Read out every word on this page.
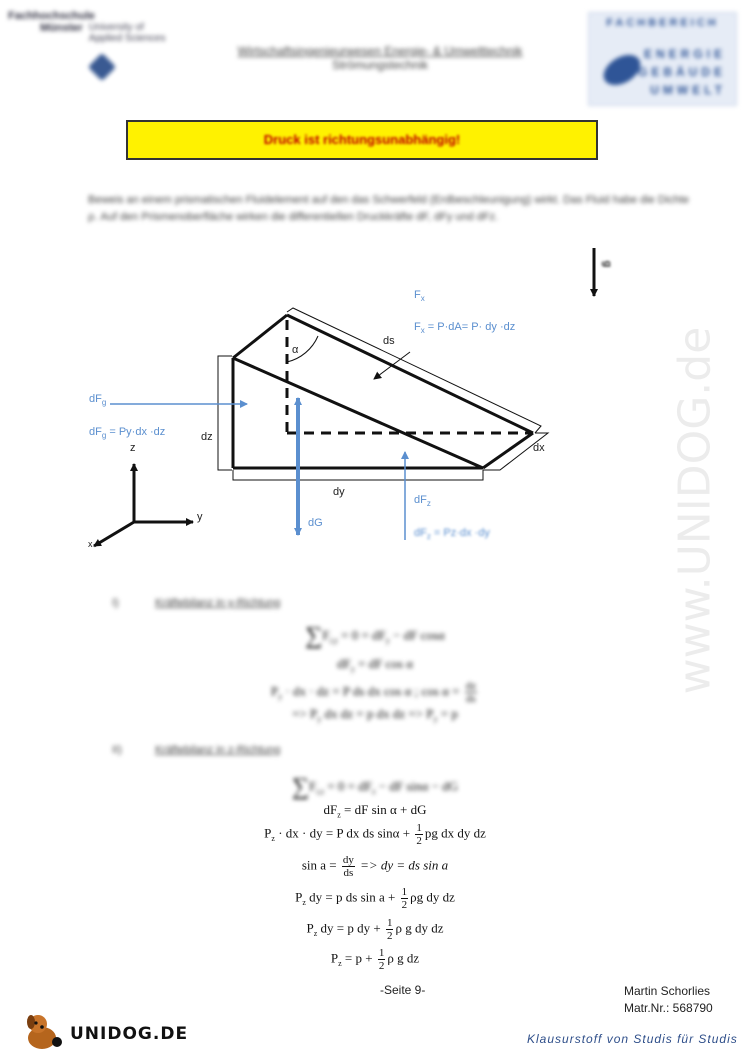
Fachhochschule
Münster University of
Applied Sciences
Wirtschaftsingenieurwesen Energie- & Umwelttechnik
Strömungstechnik
FACHBEREICH
ENERGIE
GEBÄUDE
UMWELT
Druck ist richtungsunabhängig!
Beweis an einem prismatischen Fluidelement auf den das Schwerfeld (Erdbeschleunigung) wirkt. Das Fluid habe die Dichte ρ. Auf den Prismenoberfläche wirken die differentiellen Druckkräfte dF, dFy und dFz.
g
$F_x$
$F_x = P\cdot dA= P\cdot$ dy ·dz
α
ds
$dF_g$
$dF_g = Py\cdot dx \cdot dz$	dz
dx
dy
z
y
x
dG
$dF_z$
$dF_z = Pz\cdot dx \cdot dy$	www.UNIDOG.de
I)	Kräftebilanz in y-Richtung
$\sum F_{i,y} = 0 = dF_y$ − dF cosα
$dF_y$ = dF cos α
$P_y$ · dx · dz = P ds dx cos α ; $\cos \alpha = \frac{dz}{ds}$
=> $P_y$ dx dz = p dx dz => $P_y = p$
II)	Kräftebilanz in z-Richtung
$\sum F_{i,z} = 0 = dF_z$ − dF sinα − dG
$dF_z$ = dF sin α + dG
$P_z$ · dx · dy = P dx ds $\sin\alpha + \frac{1}{2}$ pg dx dy dz
$\sin a = \frac{dy}{ds}$ => dy = ds sin a
$P_z$ dy = p ds $\sin a + \frac{1}{2}$ ρg dy dz
$P_z$ dy = p dy + $\frac{1}{2}$ ρ g dy dz
$P_z = p + \frac{1}{2}$ ρ g dz
-Seite 9-	Martin Schorlies
Matr.Nr.: 568790
UNIDOG.DE	Klausurstoff von Studis für Studis
